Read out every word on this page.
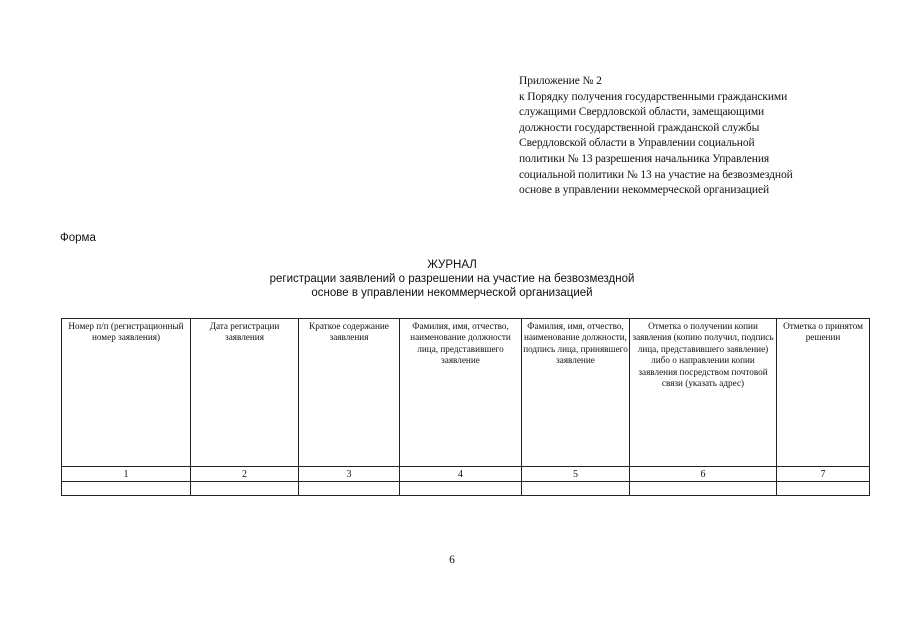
Приложение № 2
к Порядку получения государственными гражданскими
служащими Свердловской области, замещающими
должности государственной гражданской службы
Свердловской области в Управлении социальной
политики № 13 разрешения начальника Управления
социальной политики № 13 на участие на безвозмездной
основе в управлении некоммерческой организацией
Форма
ЖУРНАЛ
регистрации заявлений о разрешении на участие на безвозмездной
основе в управлении некоммерческой организацией
Номер п/п (регистрационный номер заявления)	Дата регистрации заявления	Краткое содержание заявления	Фамилия, имя, отчество, наименование должности лица, представившего заявление	Фамилия, имя, отчество, наименование должности, подпись лица, принявшего заявление	Отметка о получении копии заявления (копию получил, подпись лица, представившего заявление) либо о направлении копии заявления посредством почтовой связи (указать адрес)	Отметка о принятом решении
1	2	3	4	5	6	7

6
